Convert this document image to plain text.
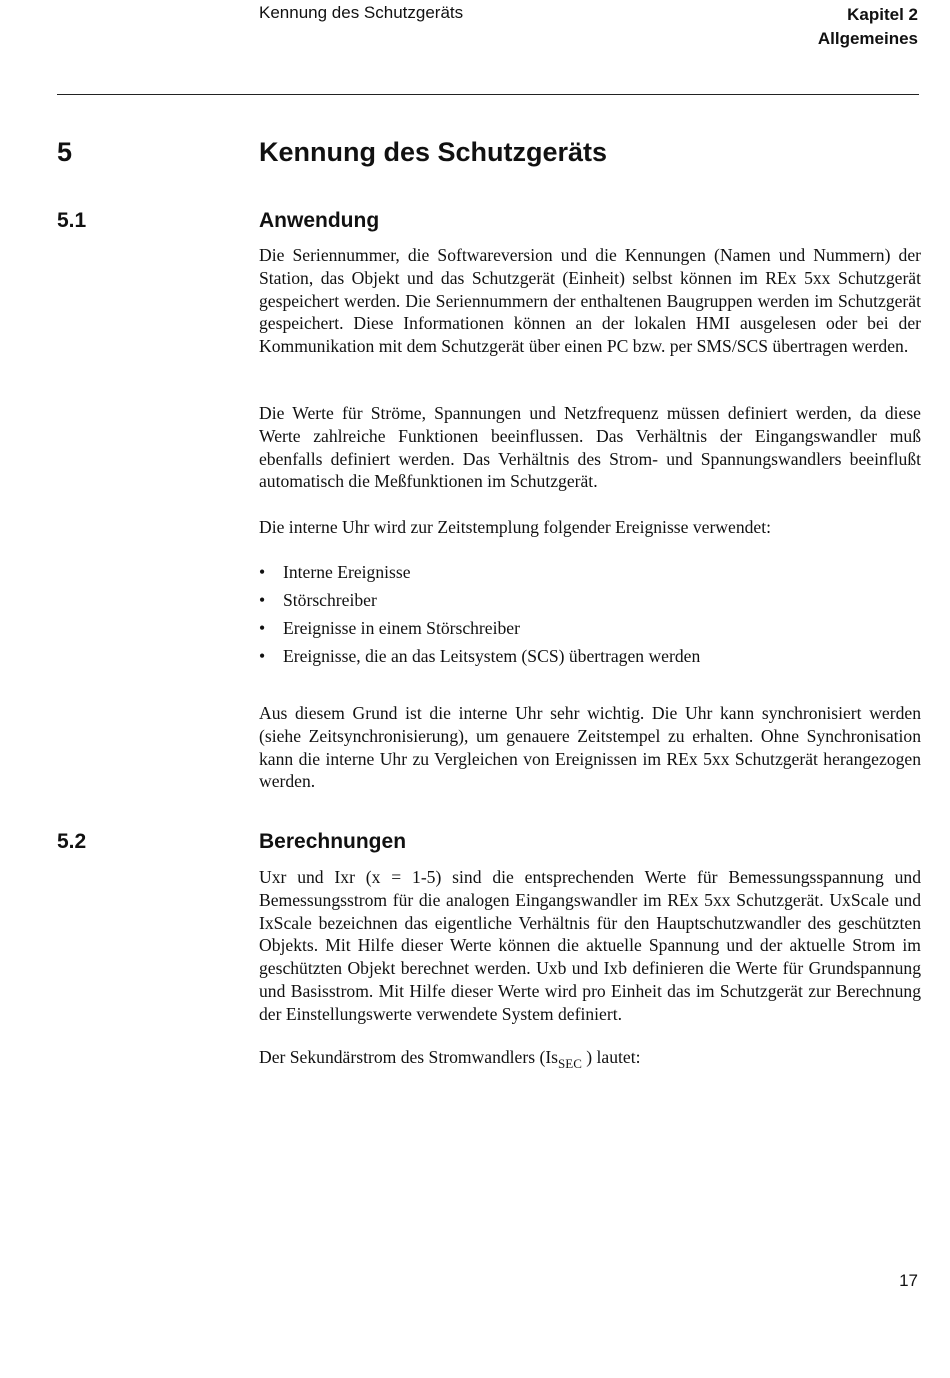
Kennung des Schutzgeräts	Kapitel 2
Allgemeines
5	Kennung des Schutzgeräts
5.1	Anwendung

Die Seriennummer, die Softwareversion und die Kennungen (Namen und Nummern) der Station, das Objekt und das Schutzgerät (Einheit) selbst können im REx 5xx Schutzgerät gespeichert werden. Die Seriennummern der enthaltenen Baugruppen werden im Schutzgerät gespeichert. Diese Informationen können an der lokalen HMI ausgelesen oder bei der Kommunikation mit dem Schutzgerät über einen PC bzw. per SMS/SCS übertragen werden.

Die Werte für Ströme, Spannungen und Netzfrequenz müssen definiert werden, da diese Werte zahlreiche Funktionen beeinflussen. Das Verhältnis der Eingangswandler muß ebenfalls definiert werden. Das Verhältnis des Strom- und Spannungswandlers beeinflußt automatisch die Meßfunktionen im Schutzgerät.

Die interne Uhr wird zur Zeitstemplung folgender Ereignisse verwendet:

• Interne Ereignisse
• Störschreiber
• Ereignisse in einem Störschreiber
• Ereignisse, die an das Leitsystem (SCS) übertragen werden

Aus diesem Grund ist die interne Uhr sehr wichtig. Die Uhr kann synchronisiert werden (siehe Zeitsynchronisierung), um genauere Zeitstempel zu erhalten. Ohne Synchronisation kann die interne Uhr zu Vergleichen von Ereignissen im REx 5xx Schutzgerät herangezogen werden.

5.2	Berechnungen

Uxr und Ixr (x = 1-5) sind die entsprechenden Werte für Bemessungsspannung und Bemessungsstrom für die analogen Eingangswandler im REx 5xx Schutzgerät. UxScale und IxScale bezeichnen das eigentliche Verhältnis für den Hauptschutzwandler des geschützten Objekts. Mit Hilfe dieser Werte können die aktuelle Spannung und der aktuelle Strom im geschützten Objekt berechnet werden. Uxb und Ixb definieren die Werte für Grundspannung und Basisstrom. Mit Hilfe dieser Werte wird pro Einheit das im Schutzgerät zur Berechnung der Einstellungswerte verwendete System definiert.

Der Sekundärstrom des Stromwandlers ($Is_{SEC}$ ) lautet:

17
